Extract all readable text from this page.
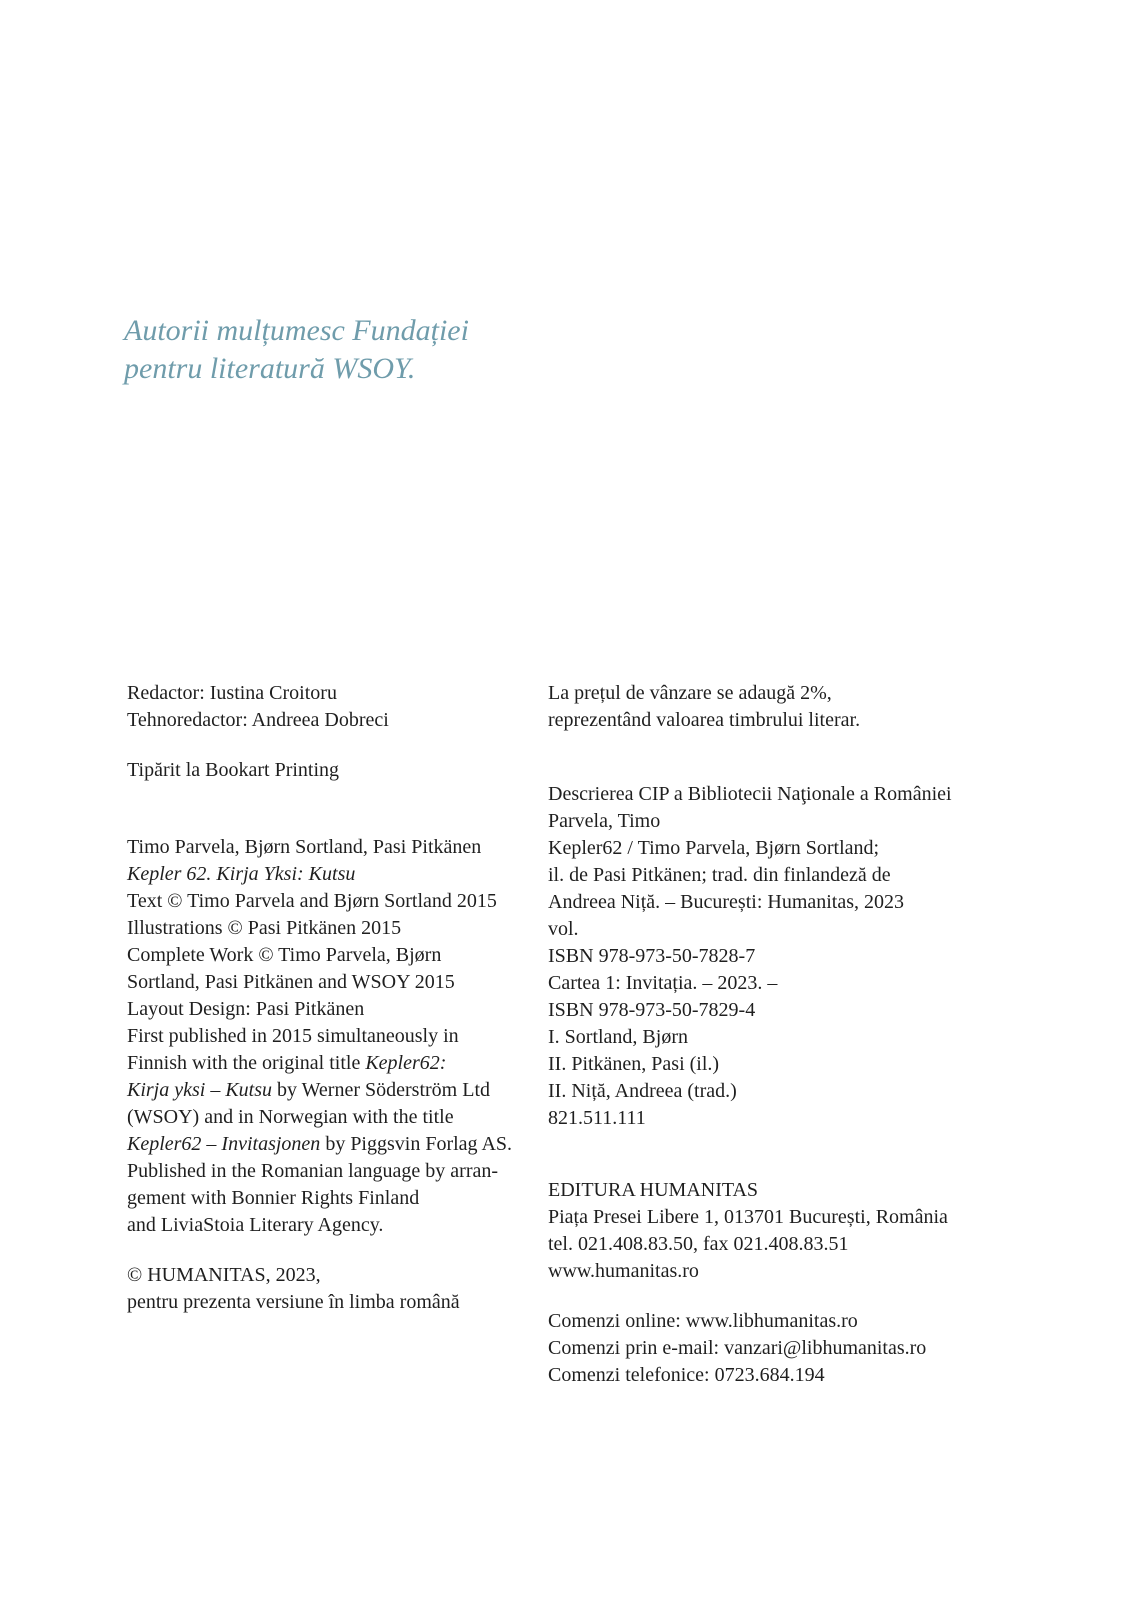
Autorii mulțumesc Fundației
pentru literatură WSOY.
Redactor: Iustina Croitoru
Tehnoredactor: Andreea Dobreci
Tipărit la Bookart Printing
Timo Parvela, Bjørn Sortland, Pasi Pitkänen
Kepler 62. Kirja Yksi: Kutsu
Text © Timo Parvela and Bjørn Sortland 2015
Illustrations © Pasi Pitkänen 2015
Complete Work © Timo Parvela, Bjørn
Sortland, Pasi Pitkänen and WSOY 2015
Layout Design: Pasi Pitkänen
First published in 2015 simultaneously in
Finnish with the original title Kepler62:
Kirja yksi – Kutsu by Werner Söderström Ltd
(WSOY) and in Norwegian with the title
Kepler62 – Invitasjonen by Piggsvin Forlag AS.
Published in the Romanian language by arran-
gement with Bonnier Rights Finland
and LiviaStoia Literary Agency.
© HUMANITAS, 2023,
pentru prezenta versiune în limba română
La prețul de vânzare se adaugă 2%,
reprezentând valoarea timbrului literar.
Descrierea CIP a Bibliotecii Naţionale a României
Parvela, Timo
Kepler62 / Timo Parvela, Bjørn Sortland;
il. de Pasi Pitkänen; trad. din finlandeză de
Andreea Niță. – București: Humanitas, 2023
vol.
ISBN 978-973-50-7828-7
Cartea 1: Invitația. – 2023. –
ISBN 978-973-50-7829-4
I. Sortland, Bjørn
II. Pitkänen, Pasi (il.)
II. Niță, Andreea (trad.)
821.511.111
EDITURA HUMANITAS
Piața Presei Libere 1, 013701 București, România
tel. 021.408.83.50, fax 021.408.83.51
www.humanitas.ro
Comenzi online: www.libhumanitas.ro
Comenzi prin e-mail: vanzari@libhumanitas.ro
Comenzi telefonice: 0723.684.194
